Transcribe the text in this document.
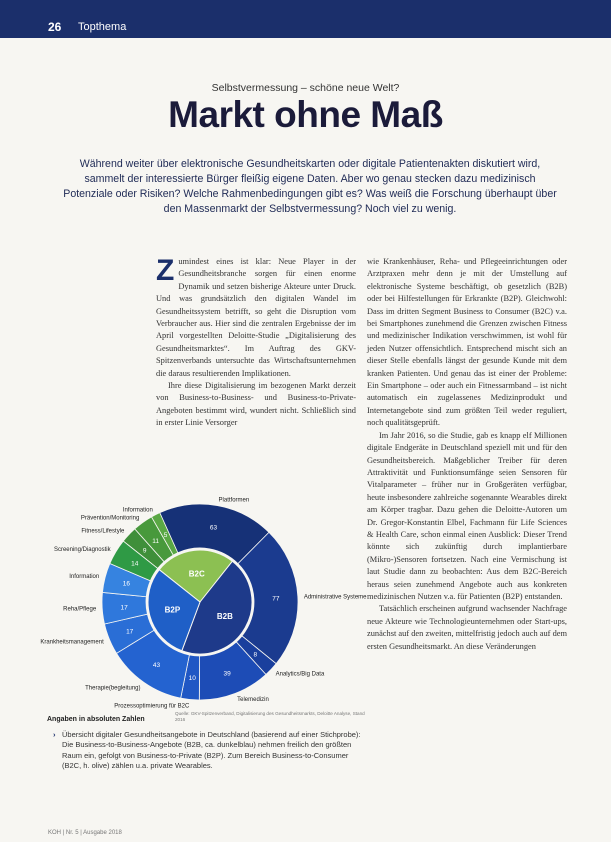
26 Topthema
Selbstvermessung – schöne neue Welt?
Markt ohne Maß
Während weiter über elektronische Gesundheitskarten oder digitale Patientenakten diskutiert wird, sammelt der interessierte Bürger fleißig eigene Daten. Aber wo genau stecken dazu medizinisch Potenziale oder Risiken? Welche Rahmenbedingungen gibt es? Was weiß die Forschung überhaupt über den Massenmarkt der Selbstvermessung? Noch viel zu wenig.

Zumindest eines ist klar: Neue Player in der Gesundheitsbranche sorgen für einen enorme Dynamik und setzen bisherige Akteure unter Druck. Und was grundsätzlich den digitalen Wandel im Gesundheitssystem betrifft, so geht die Disruption vom Verbraucher aus. Hier sind die zentralen Ergebnisse der im April vorgestellten Deloitte-Studie „Digitalisierung des Gesundheitsmarktes“. Im Auftrag des GKV-Spitzenverbands untersuchte das Wirtschaftsunternehmen die daraus resultierenden Implikationen.

Ihre diese Digitalisierung im bezogenen Markt derzeit von Business-to-Business- und Business-to-Private-Angeboten bestimmt wird, wundert nicht. Schließlich sind in erster Linie Versorger

wie Krankenhäuser, Reha- und Pflegeeinrichtungen oder Arztpraxen mehr denn je mit der Umstellung auf elektronische Systeme beschäftigt, ob gesetzlich (B2B) oder bei Hilfestellungen für Erkrankte (B2P). Gleichwohl: Dass im dritten Segment Business to Consumer (B2C) v.a. bei Smartphones zunehmend die Grenzen zwischen Fitness und medizinischer Indikation verschwimmen, ist wohl für jeden Nutzer offensichtlich. Entsprechend mischt sich an dieser Stelle ebenfalls längst der gesunde Kunde mit dem kranken Patienten. Und genau das ist einer der Probleme: Ein Smartphone – oder auch ein Fitnessarmband – ist nicht automatisch ein zugelassenes Medizinprodukt und Internetangebote sind zum größten Teil weder reguliert, noch qualitätsgeprüft.

Im Jahr 2016, so die Studie, gab es knapp elf Millionen digitale Endgeräte in Deutschland speziell mit und für den Gesundheitsbereich. Maßgeblicher Treiber für deren Attraktivität und Funktionsumfänge seien Sensoren für Vitalparameter – früher nur in Großgeräten verfügbar, heute insbesondere zahlreiche sogenannte Wearables direkt am Körper tragbar. Dazu gehen die Deloitte-Autoren um Dr. Gregor-Konstantin Elbel, Fachmann für Life Sciences & Health Care, schon einmal einen Ausblick: Dieser Trend könnte sich zukünftig durch implantierbare (Mikro-)Sensoren fortsetzen. Nach eine Vermischung ist laut Studie dann zu beobachten: Aus dem B2C-Bereich heraus seien zunehmend Angebote auch aus konkreten medizinischen Nutzen v.a. für Patienten (B2P) entstanden.

Tatsächlich erscheinen aufgrund wachsender Nachfrage neue Akteure wie Technologieunternehmen oder Start-ups, zunächst auf den zweiten, mittelfristig jedoch auch auf dem ersten Gesundheitsmarkt. An diese Veränderungen

9
Fitness/Lifestyle
11
Prävention/Monitoring
5
Information
63
Plattformen
77	Administrative Systeme
8
Analytics/Big Data
39
Telemedizin
10
Prozessoptimierung für B2C
43
Therapie(begleitung)
17
Krankheitsmanagement
17
Reha/Pflege
16
Information
14
Screening/Diagnostik
B2C
B2B
B2P
Quelle: GKV-Spitzenverband, Digitalisierung des Gesundheitsmarkts, Deloitte Analyse, Stand 2016
Angaben in absoluten Zahlen
› Übersicht digitaler Gesundheitsangebote in Deutschland (basierend auf einer Stichprobe): Die Business-to-Business-Angebote (B2B, ca. dunkelblau) nehmen freilich den größten Raum ein, gefolgt von Business-to-Private (B2P). Zum Bereich Business-to-Consumer (B2C, h. olive) zählen u.a. private Wearables.
KOH | Nr. 5 | Ausgabe 2018
